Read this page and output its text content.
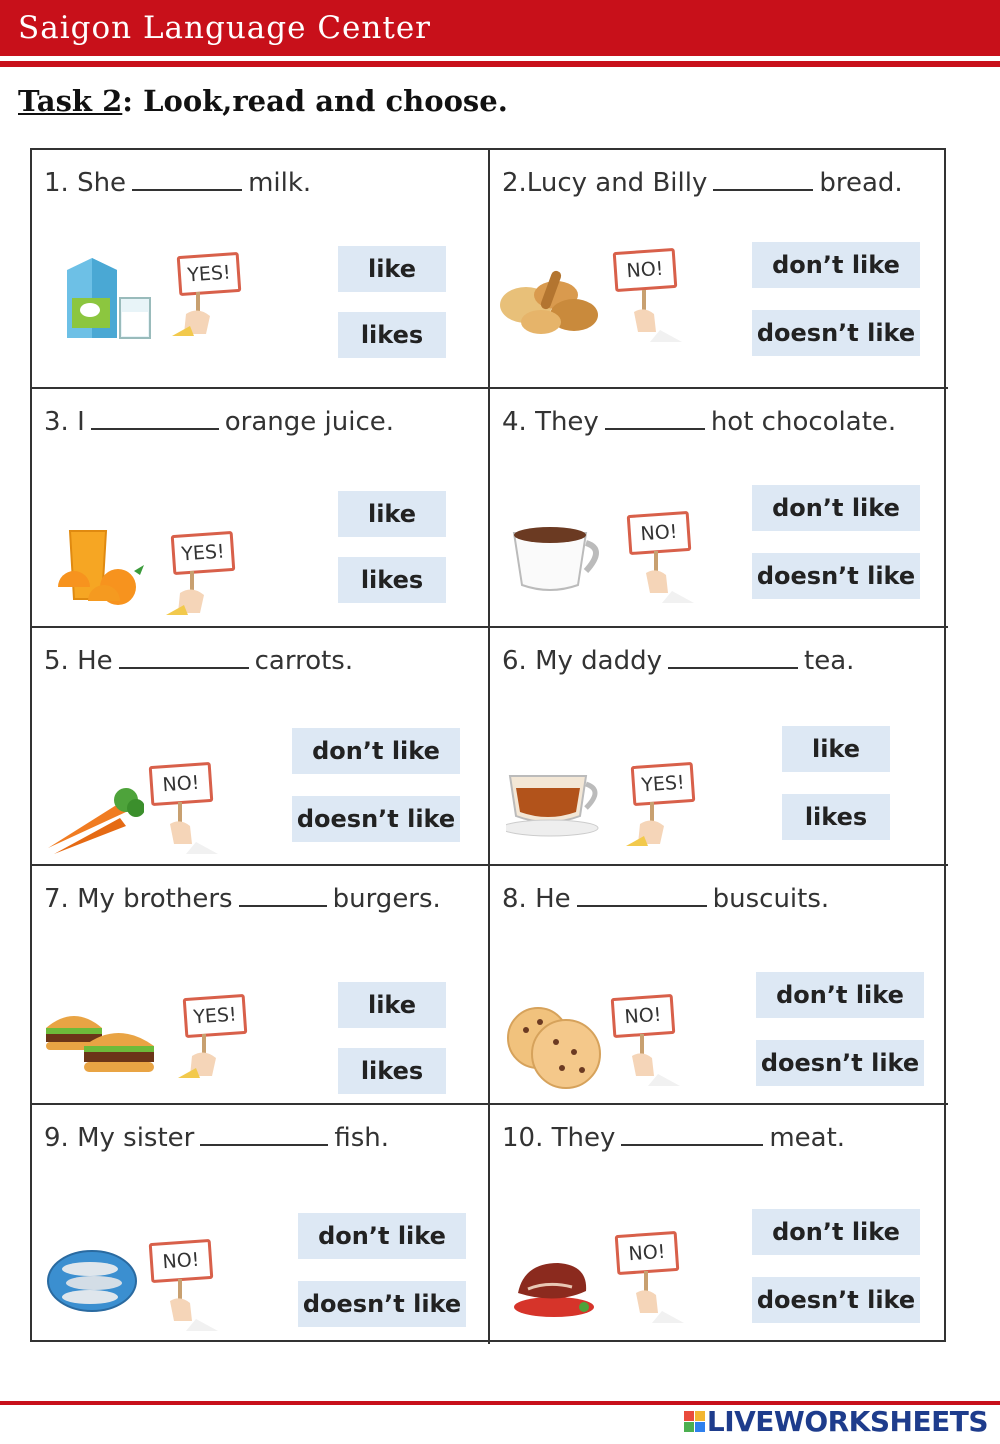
Saigon Language Center
Task 2: Look,read and choose.
1. She	milk.
YES!	like
likes
2.Lucy and Billy	bread.
NO!	don’t like
doesn’t like
3. I	orange juice.
YES!
like
likes
4. They	hot chocolate.
NO!
don’t like
doesn’t like
5. He	carrots.
NO!
don’t like
doesn’t like
6. My daddy	tea.
YES!
like
likes
7. My brothers	burgers.
YES!	like
likes
8. He	buscuits.
NO!
don’t like
doesn’t like
9. My sister	fish.
NO!
don’t like
doesn’t like
10. They	meat.
NO!
don’t like
doesn’t like
LIVEWORKSHEETS
